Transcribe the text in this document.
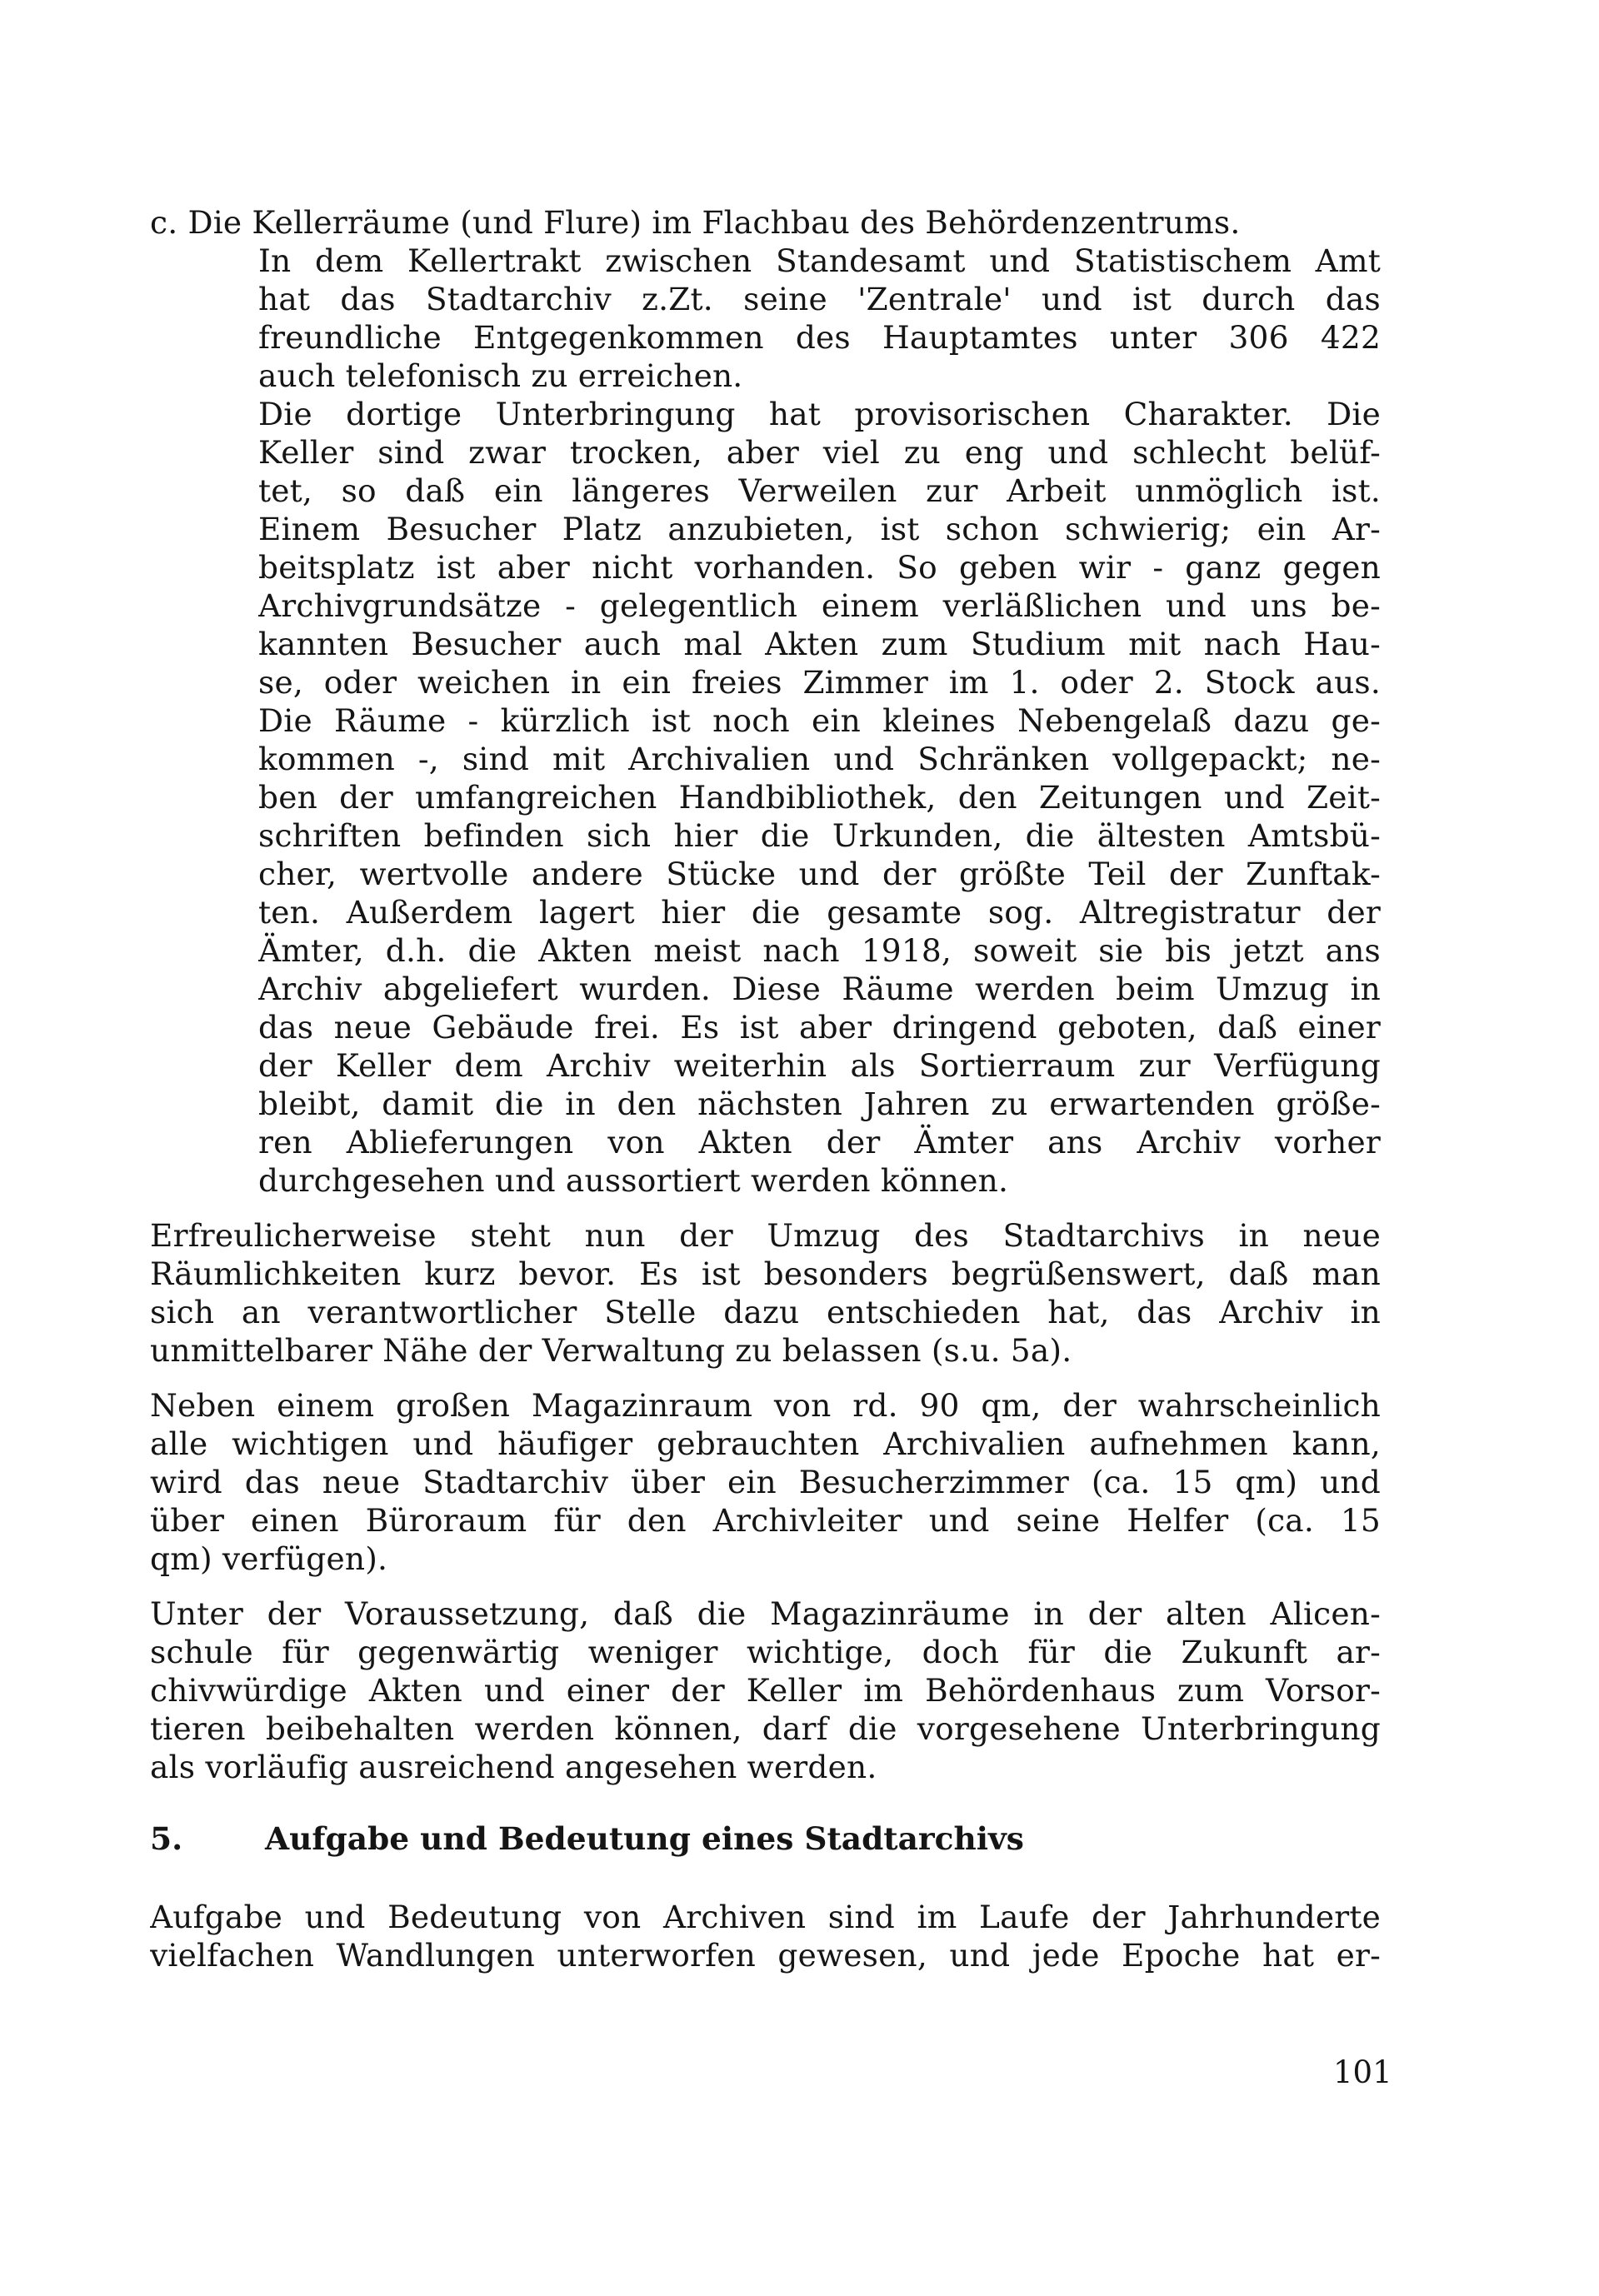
c. Die Kellerräume (und Flure) im Flachbau des Behördenzentrums.
In dem Kellertrakt zwischen Standesamt und Statistischem Amt
hat das Stadtarchiv z.Zt. seine 'Zentrale' und ist durch das
freundliche Entgegenkommen des Hauptamtes unter 306 422
auch telefonisch zu erreichen.
Die dortige Unterbringung hat provisorischen Charakter. Die
Keller sind zwar trocken, aber viel zu eng und schlecht belüf-
tet, so daß ein längeres Verweilen zur Arbeit unmöglich ist.
Einem Besucher Platz anzubieten, ist schon schwierig; ein Ar-
beitsplatz ist aber nicht vorhanden. So geben wir - ganz gegen
Archivgrundsätze - gelegentlich einem verläßlichen und uns be-
kannten Besucher auch mal Akten zum Studium mit nach Hau-
se, oder weichen in ein freies Zimmer im 1. oder 2. Stock aus.
Die Räume - kürzlich ist noch ein kleines Nebengelaß dazu ge-
kommen -, sind mit Archivalien und Schränken vollgepackt; ne-
ben der umfangreichen Handbibliothek, den Zeitungen und Zeit-
schriften befinden sich hier die Urkunden, die ältesten Amtsbü-
cher, wertvolle andere Stücke und der größte Teil der Zunftak-
ten. Außerdem lagert hier die gesamte sog. Altregistratur der
Ämter, d.h. die Akten meist nach 1918, soweit sie bis jetzt ans
Archiv abgeliefert wurden. Diese Räume werden beim Umzug in
das neue Gebäude frei. Es ist aber dringend geboten, daß einer
der Keller dem Archiv weiterhin als Sortierraum zur Verfügung
bleibt, damit die in den nächsten Jahren zu erwartenden größe-
ren Ablieferungen von Akten der Ämter ans Archiv vorher
durchgesehen und aussortiert werden können.
Erfreulicherweise steht nun der Umzug des Stadtarchivs in neue
Räumlichkeiten kurz bevor. Es ist besonders begrüßenswert, daß man
sich an verantwortlicher Stelle dazu entschieden hat, das Archiv in
unmittelbarer Nähe der Verwaltung zu belassen (s.u. 5a).
Neben einem großen Magazinraum von rd. 90 qm, der wahrscheinlich
alle wichtigen und häufiger gebrauchten Archivalien aufnehmen kann,
wird das neue Stadtarchiv über ein Besucherzimmer (ca. 15 qm) und
über einen Büroraum für den Archivleiter und seine Helfer (ca. 15
qm) verfügen).
Unter der Voraussetzung, daß die Magazinräume in der alten Alicen-
schule für gegenwärtig weniger wichtige, doch für die Zukunft ar-
chivwürdige Akten und einer der Keller im Behördenhaus zum Vorsor-
tieren beibehalten werden können, darf die vorgesehene Unterbringung
als vorläufig ausreichend angesehen werden.
5.	Aufgabe und Bedeutung eines Stadtarchivs
Aufgabe und Bedeutung von Archiven sind im Laufe der Jahrhunderte
vielfachen Wandlungen unterworfen gewesen, und jede Epoche hat er-
101
